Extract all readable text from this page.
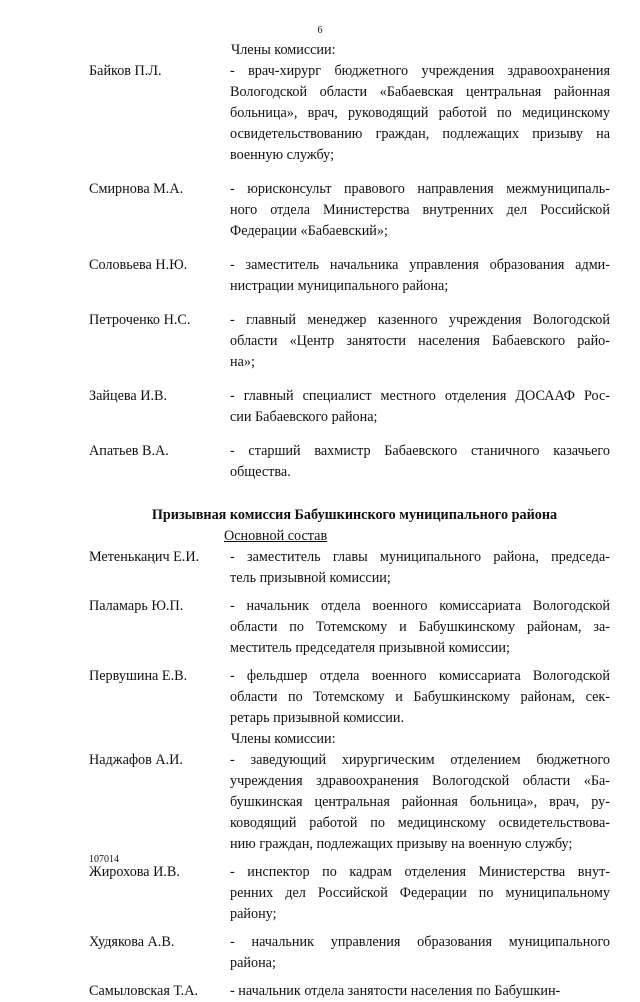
6
Члены комиссии:
Байков П.Л.	- врач-хирург бюджетного учреждения здравоохранения
Вологодской области «Бабаевская центральная районная
больница», врач, руководящий работой по медицинскому
освидетельствованию граждан, подлежащих призыву на
военную службу;
Смирнова М.А.	- юрисконсульт правового направления межмуниципаль-
ного отдела Министерства внутренних дел Российской
Федерации «Бабаевский»;
Соловьева Н.Ю.	- заместитель начальника управления образования адми-
нистрации муниципального района;
Петроченко Н.С.	- главный менеджер казенного учреждения Вологодской
области «Центр занятости населения Бабаевского райо-
на»;
Зайцева И.В.	- главный специалист местного отделения ДОСААФ Рос-
сии Бабаевского района;
Апатьев В.А.	- старший вахмистр Бабаевского станичного казачьего
общества.
Призывная комиссия Бабушкинского муниципального района
Основной состав
Метенькаңич Е.И.	- заместитель главы муниципального района, председа-
тель призывной комиссии;
Паламарь Ю.П.	- начальник отдела военного комиссариата Вологодской
области по Тотемскому и Бабушкинскому районам, за-
меститель председателя призывной комиссии;
Первушина Е.В.	- фельдшер отдела военного комиссариата Вологодской
области по Тотемскому и Бабушкинскому районам, сек-
ретарь призывной комиссии.
Члены комиссии:
Наджафов А.И.	- заведующий хирургическим отделением бюджетного
учреждения здравоохранения Вологодской области «Ба-
бушкинская центральная районная больница», врач, ру-
ководящий работой по медицинскому освидетельствова-
нию граждан, подлежащих призыву на военную службу;
Жирохова И.В.	- инспектор по кадрам отделения Министерства внут-
ренних дел Российской Федерации по муниципальному
району;
Худякова А.В.	- начальник управления образования муниципального
района;
Самыловская Т.А.	- начальник отдела занятости населения по Бабушкин-
107014
